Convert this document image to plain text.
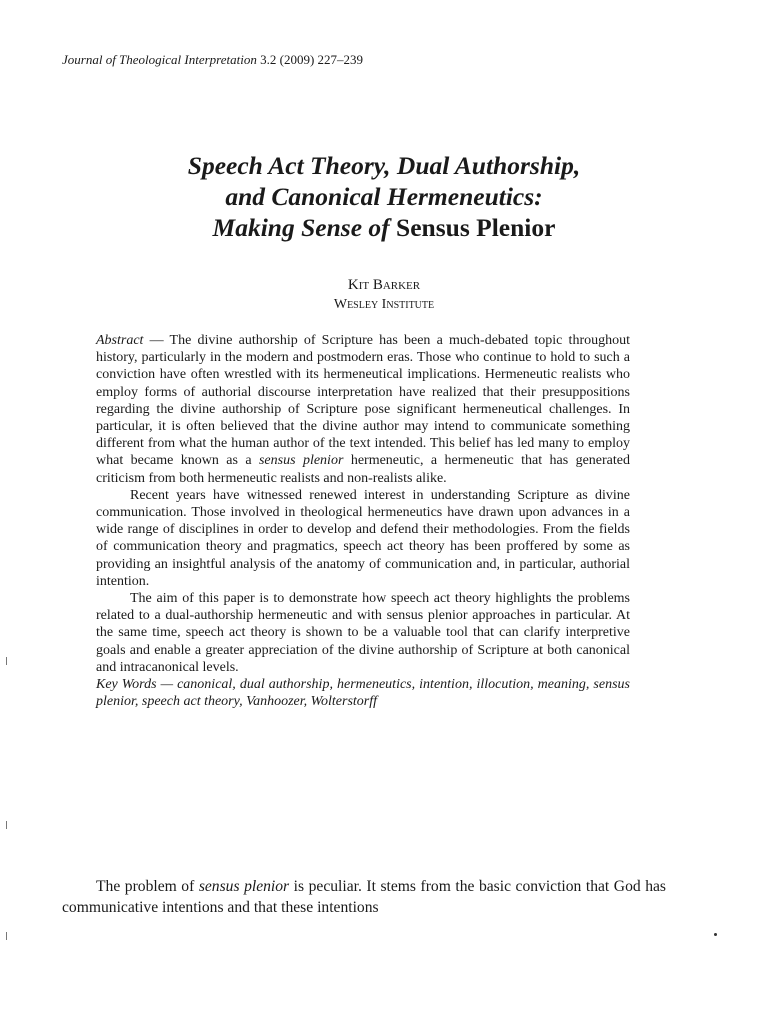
Journal of Theological Interpretation 3.2 (2009) 227–239
Speech Act Theory, Dual Authorship,
and Canonical Hermeneutics:
Making Sense of Sensus Plenior
Kit Barker
Wesley Institute

Abstract — The divine authorship of Scripture has been a much-debated topic throughout history, particularly in the modern and postmodern eras. Those who continue to hold to such a conviction have often wrestled with its hermeneutical implications. Hermeneutic realists who employ forms of authorial discourse interpretation have realized that their presuppositions regarding the divine authorship of Scripture pose significant hermeneutical challenges. In particular, it is often believed that the divine author may intend to communicate something different from what the human author of the text intended. This belief has led many to employ what became known as a sensus plenior hermeneutic, a hermeneutic that has generated criticism from both hermeneutic realists and non-realists alike.

Recent years have witnessed renewed interest in understanding Scripture as divine communication. Those involved in theological hermeneutics have drawn upon advances in a wide range of disciplines in order to develop and defend their methodologies. From the fields of communication theory and pragmatics, speech act theory has been proffered by some as providing an insightful analysis of the anatomy of communication and, in particular, authorial intention.

The aim of this paper is to demonstrate how speech act theory highlights the problems related to a dual-authorship hermeneutic and with sensus plenior approaches in particular. At the same time, speech act theory is shown to be a valuable tool that can clarify interpretive goals and enable a greater appreciation of the divine authorship of Scripture at both canonical and intracanonical levels.

Key Words — canonical, dual authorship, hermeneutics, intention, illocution, meaning, sensus plenior, speech act theory, Vanhoozer, Wolterstorff

The problem of sensus plenior is peculiar. It stems from the basic conviction that God has communicative intentions and that these intentions
